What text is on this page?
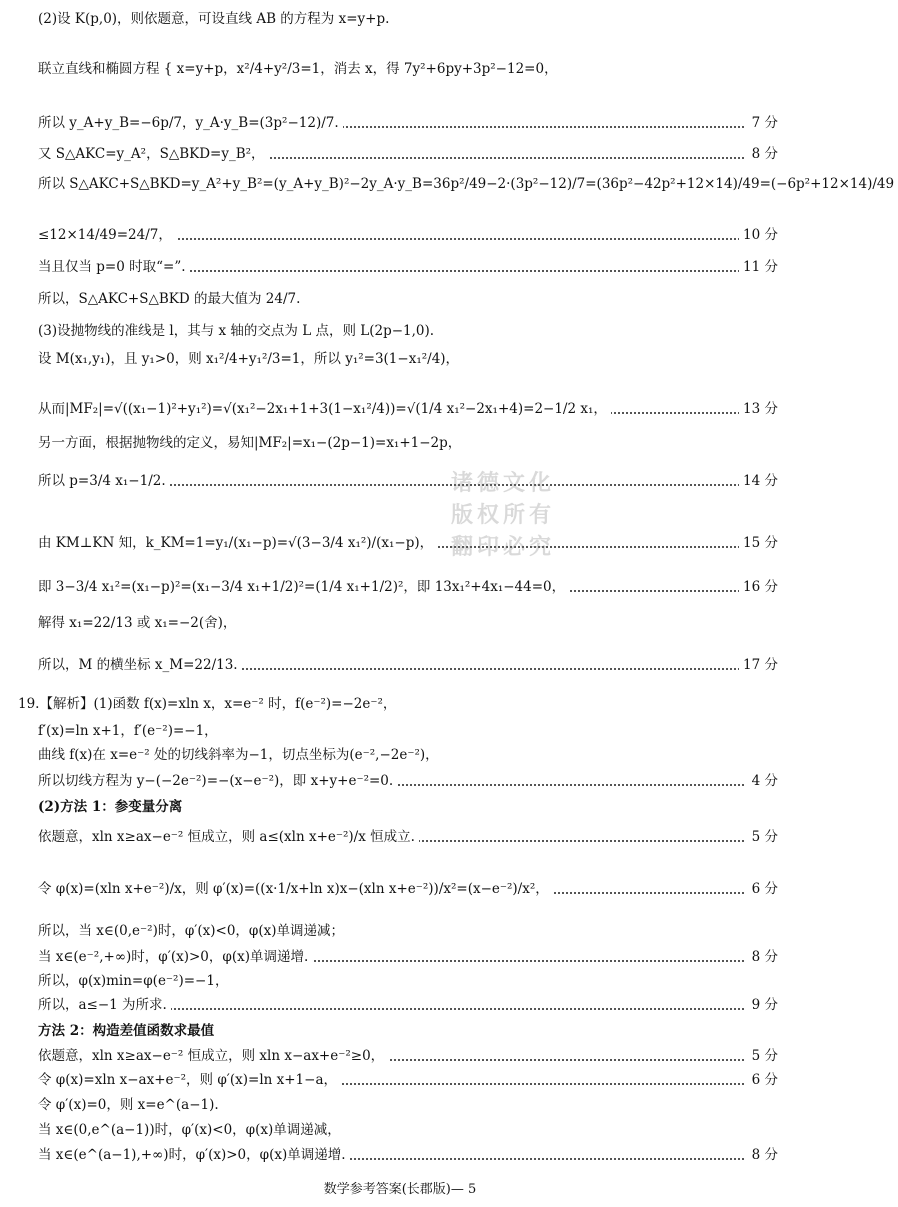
诸德文化
版权所有
翻印必究
(2)设 K(p,0)，则依题意，可设直线 AB 的方程为 x=y+p.
联立直线和椭圆方程 { x=y+p，x²/4+y²/3=1，消去 x，得 7y²+6py+3p²−12=0，
所以 y_A+y_B=−6p/7，y_A·y_B=(3p²−12)/7.	7 分
又 S△AKC=y_A²，S△BKD=y_B²，	8 分
所以 S△AKC+S△BKD=y_A²+y_B²=(y_A+y_B)²−2y_A·y_B=36p²/49−2·(3p²−12)/7=(36p²−42p²+12×14)/49=(−6p²+12×14)/49
≤12×14/49=24/7，	10 分
当且仅当 p=0 时取“=”.	11 分
所以，S△AKC+S△BKD 的最大值为 24/7.
(3)设抛物线的准线是 l，其与 x 轴的交点为 L 点，则 L(2p−1,0).
设 M(x₁,y₁)，且 y₁>0，则 x₁²/4+y₁²/3=1，所以 y₁²=3(1−x₁²/4)，
从而|MF₂|=√((x₁−1)²+y₁²)=√(x₁²−2x₁+1+3(1−x₁²/4))=√(1/4 x₁²−2x₁+4)=2−1/2 x₁，	13 分
另一方面，根据抛物线的定义，易知|MF₂|=x₁−(2p−1)=x₁+1−2p，
所以 p=3/4 x₁−1/2.	14 分
由 KM⊥KN 知，k_KM=1=y₁/(x₁−p)=√(3−3/4 x₁²)/(x₁−p)，	15 分
即 3−3/4 x₁²=(x₁−p)²=(x₁−3/4 x₁+1/2)²=(1/4 x₁+1/2)²，即 13x₁²+4x₁−44=0，	16 分
解得 x₁=22/13 或 x₁=−2(舍)，
所以，M 的横坐标 x_M=22/13.	17 分
19.【解析】(1)函数 f(x)=xln x，x=e⁻² 时，f(e⁻²)=−2e⁻²，
f′(x)=ln x+1，f′(e⁻²)=−1，
曲线 f(x)在 x=e⁻² 处的切线斜率为−1，切点坐标为(e⁻²,−2e⁻²)，
所以切线方程为 y−(−2e⁻²)=−(x−e⁻²)，即 x+y+e⁻²=0.	4 分
(2)方法 1：参变量分离
依题意，xln x≥ax−e⁻² 恒成立，则 a≤(xln x+e⁻²)/x 恒成立.	5 分
令 φ(x)=(xln x+e⁻²)/x，则 φ′(x)=((x·1/x+ln x)x−(xln x+e⁻²))/x²=(x−e⁻²)/x²，	6 分
所以，当 x∈(0,e⁻²)时，φ′(x)<0，φ(x)单调递减；
当 x∈(e⁻²,+∞)时，φ′(x)>0，φ(x)单调递增.	8 分
所以，φ(x)min=φ(e⁻²)=−1，
所以，a≤−1 为所求.	9 分
方法 2：构造差值函数求最值
依题意，xln x≥ax−e⁻² 恒成立，则 xln x−ax+e⁻²≥0，	5 分
令 φ(x)=xln x−ax+e⁻²，则 φ′(x)=ln x+1−a，	6 分
令 φ′(x)=0，则 x=e^(a−1).
当 x∈(0,e^(a−1))时，φ′(x)<0，φ(x)单调递减，
当 x∈(e^(a−1),+∞)时，φ′(x)>0，φ(x)单调递增.	8 分
数学参考答案(长郡版)— 5
